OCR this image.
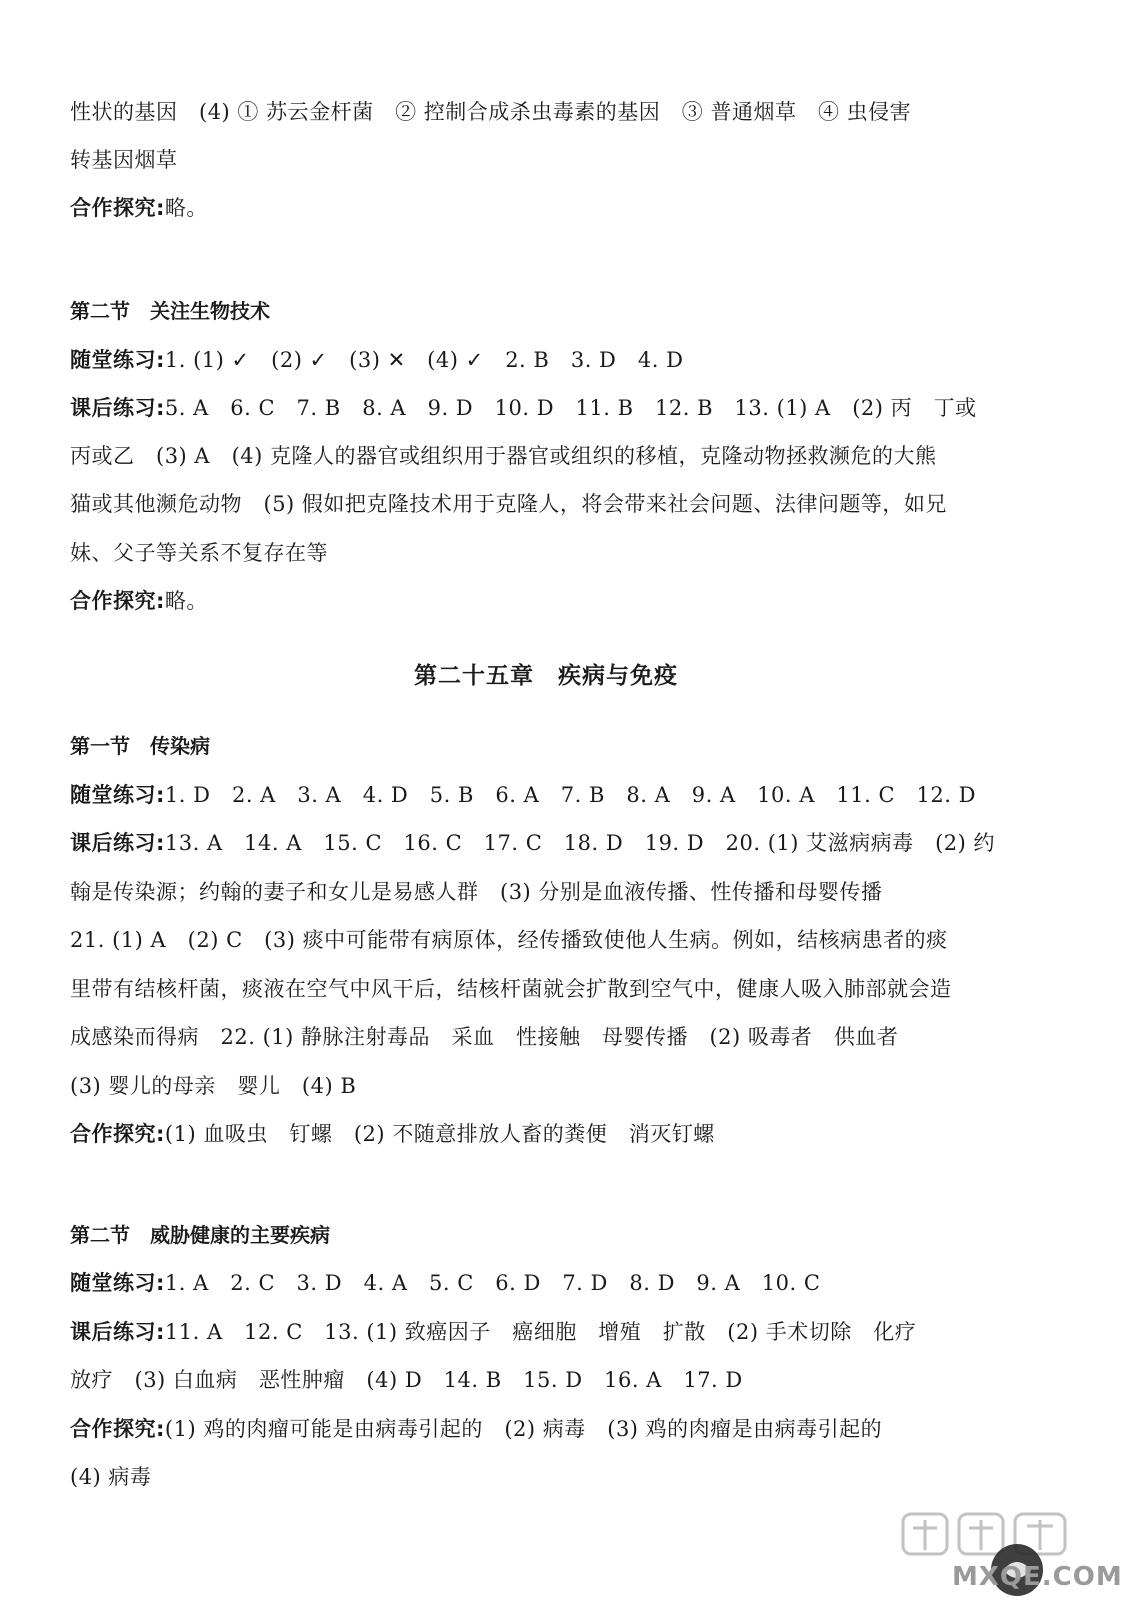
性状的基因　(4) ① 苏云金杆菌　② 控制合成杀虫毒素的基因　③ 普通烟草　④ 虫侵害
转基因烟草
合作探究:略。
第二节　关注生物技术
随堂练习:1. (1) ✓　(2) ✓　(3) ✕　(4) ✓　2. B　3. D　4. D
课后练习:5. A　6. C　7. B　8. A　9. D　10. D　11. B　12. B　13. (1) A　(2) 丙　丁或
丙或乙　(3) A　(4) 克隆人的器官或组织用于器官或组织的移植，克隆动物拯救濒危的大熊
猫或其他濒危动物　(5) 假如把克隆技术用于克隆人，将会带来社会问题、法律问题等，如兄
妹、父子等关系不复存在等
合作探究:略。
第二十五章　疾病与免疫
第一节　传染病
随堂练习:1. D　2. A　3. A　4. D　5. B　6. A　7. B　8. A　9. A　10. A　11. C　12. D
课后练习:13. A　14. A　15. C　16. C　17. C　18. D　19. D　20. (1) 艾滋病病毒　(2) 约
翰是传染源；约翰的妻子和女儿是易感人群　(3) 分别是血液传播、性传播和母婴传播
21. (1) A　(2) C　(3) 痰中可能带有病原体，经传播致使他人生病。例如，结核病患者的痰
里带有结核杆菌，痰液在空气中风干后，结核杆菌就会扩散到空气中，健康人吸入肺部就会造
成感染而得病　22. (1) 静脉注射毒品　采血　性接触　母婴传播　(2) 吸毒者　供血者
(3) 婴儿的母亲　婴儿　(4) B
合作探究:(1) 血吸虫　钉螺　(2) 不随意排放人畜的粪便　消灭钉螺
第二节　威胁健康的主要疾病
随堂练习:1. A　2. C　3. D　4. A　5. C　6. D　7. D　8. D　9. A　10. C
课后练习:11. A　12. C　13. (1) 致癌因子　癌细胞　增殖　扩散　(2) 手术切除　化疗
放疗　(3) 白血病　恶性肿瘤　(4) D　14. B　15. D　16. A　17. D
合作探究:(1) 鸡的肉瘤可能是由病毒引起的　(2) 病毒　(3) 鸡的肉瘤是由病毒引起的
(4) 病毒
MXQE.COM
